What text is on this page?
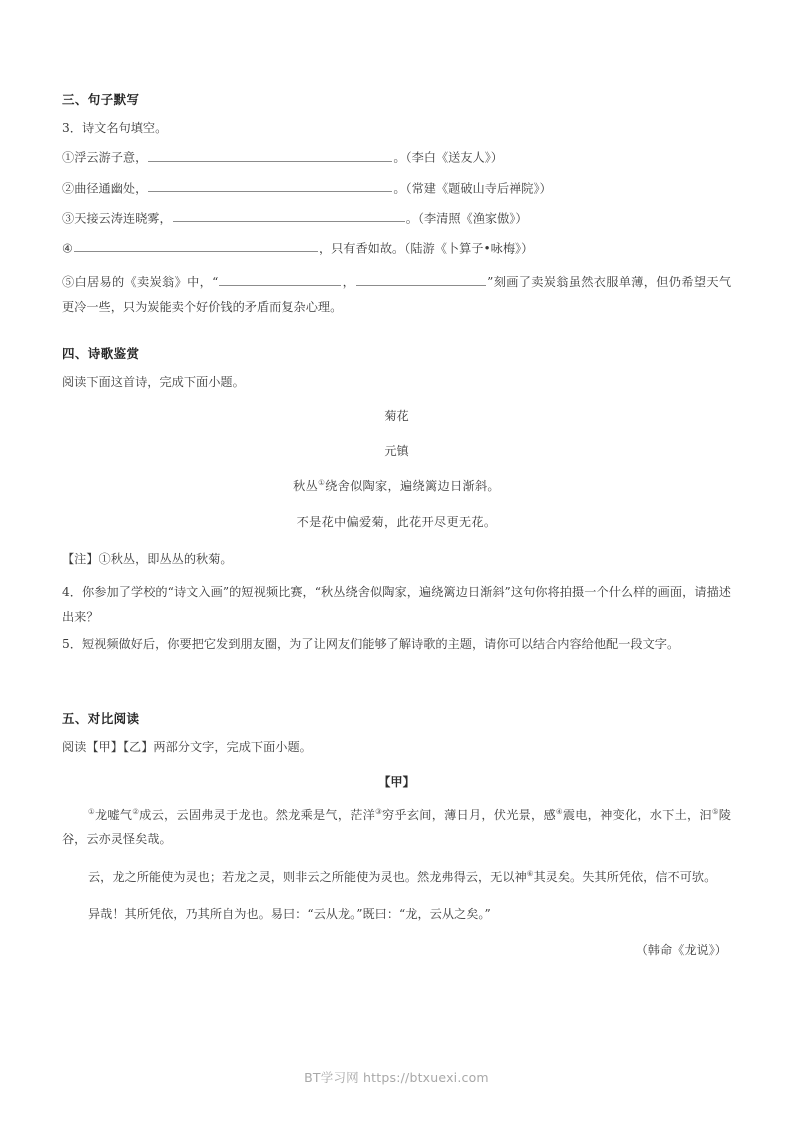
三、句子默写

3．诗文名句填空。

①浮云游子意，	。（李白《送友人》）

②曲径通幽处，	。（常建《题破山寺后禅院》）

③天接云涛连晓雾，	。（李清照《渔家傲》）

④	，只有香如故。（陆游《卜算子•咏梅》）

⑤白居易的《卖炭翁》中，“	，	”刻画了卖炭翁虽然衣服单薄，但仍希望天气更冷一些，只为炭能卖个好价钱的矛盾而复杂心理。

四、诗歌鉴赏

阅读下面这首诗，完成下面小题。

菊花

元镇

秋丛①绕舍似陶家，遍绕篱边日渐斜。

不是花中偏爱菊，此花开尽更无花。

【注】①秋丛，即丛丛的秋菊。

4．你参加了学校的“诗文入画”的短视频比赛，“秋丛绕舍似陶家，遍绕篱边日渐斜”这句你将拍摄一个什么样的画面，请描述出来？

5．短视频做好后，你要把它发到朋友圈，为了让网友们能够了解诗歌的主题，请你可以结合内容给他配一段文字。

五、对比阅读

阅读【甲】【乙】两部分文字，完成下面小题。

【甲】

①龙嘘气②成云，云固弗灵于龙也。然龙乘是气，茫洋③穷乎玄间，薄日月，伏光景，感④震电，神变化，水下土，汩⑤陵谷，云亦灵怪矣哉。

云，龙之所能使为灵也；若龙之灵，则非云之所能使为灵也。然龙弗得云，无以神⑥其灵矣。失其所凭依，信不可欤。

异哉！其所凭依，乃其所自为也。易曰：“云从龙。”既曰：“龙，云从之矣。”

（韩命《龙说》）

BT学习网 https://btxuexi.com
